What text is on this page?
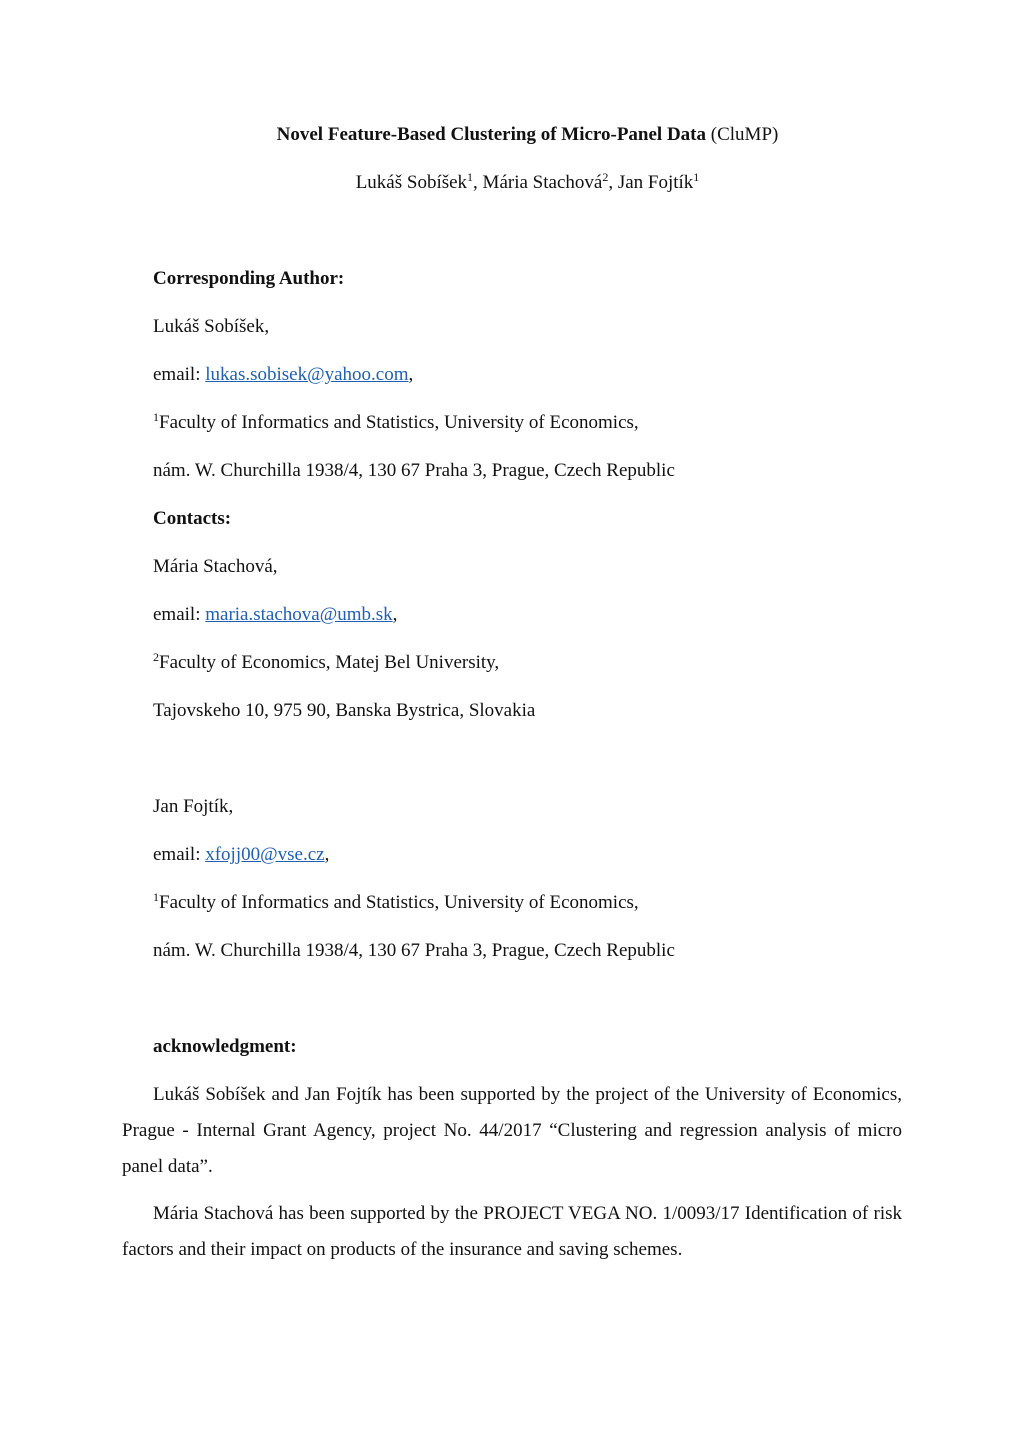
Novel Feature-Based Clustering of Micro-Panel Data (CluMP)
Lukáš Sobíšek$^1$, Mária Stachová$^2$, Jan Fojtík$^1$
Corresponding Author:
Lukáš Sobíšek,
email: lukas.sobisek@yahoo.com,
$^1$Faculty of Informatics and Statistics, University of Economics,
nám. W. Churchilla 1938/4, 130 67 Praha 3, Prague, Czech Republic
Contacts:
Mária Stachová,
email: maria.stachova@umb.sk,
$^2$Faculty of Economics, Matej Bel University,
Tajovskeho 10, 975 90, Banska Bystrica, Slovakia
Jan Fojtík,
email: xfojj00@vse.cz,
$^1$Faculty of Informatics and Statistics, University of Economics,
nám. W. Churchilla 1938/4, 130 67 Praha 3, Prague, Czech Republic
acknowledgment:
Lukáš Sobíšek and Jan Fojtík has been supported by the project of the University of Economics, Prague - Internal Grant Agency, project No. 44/2017 “Clustering and regression analysis of micro panel data”.
Mária Stachová has been supported by the PROJECT VEGA NO. 1/0093/17 Identification of risk factors and their impact on products of the insurance and saving schemes.
